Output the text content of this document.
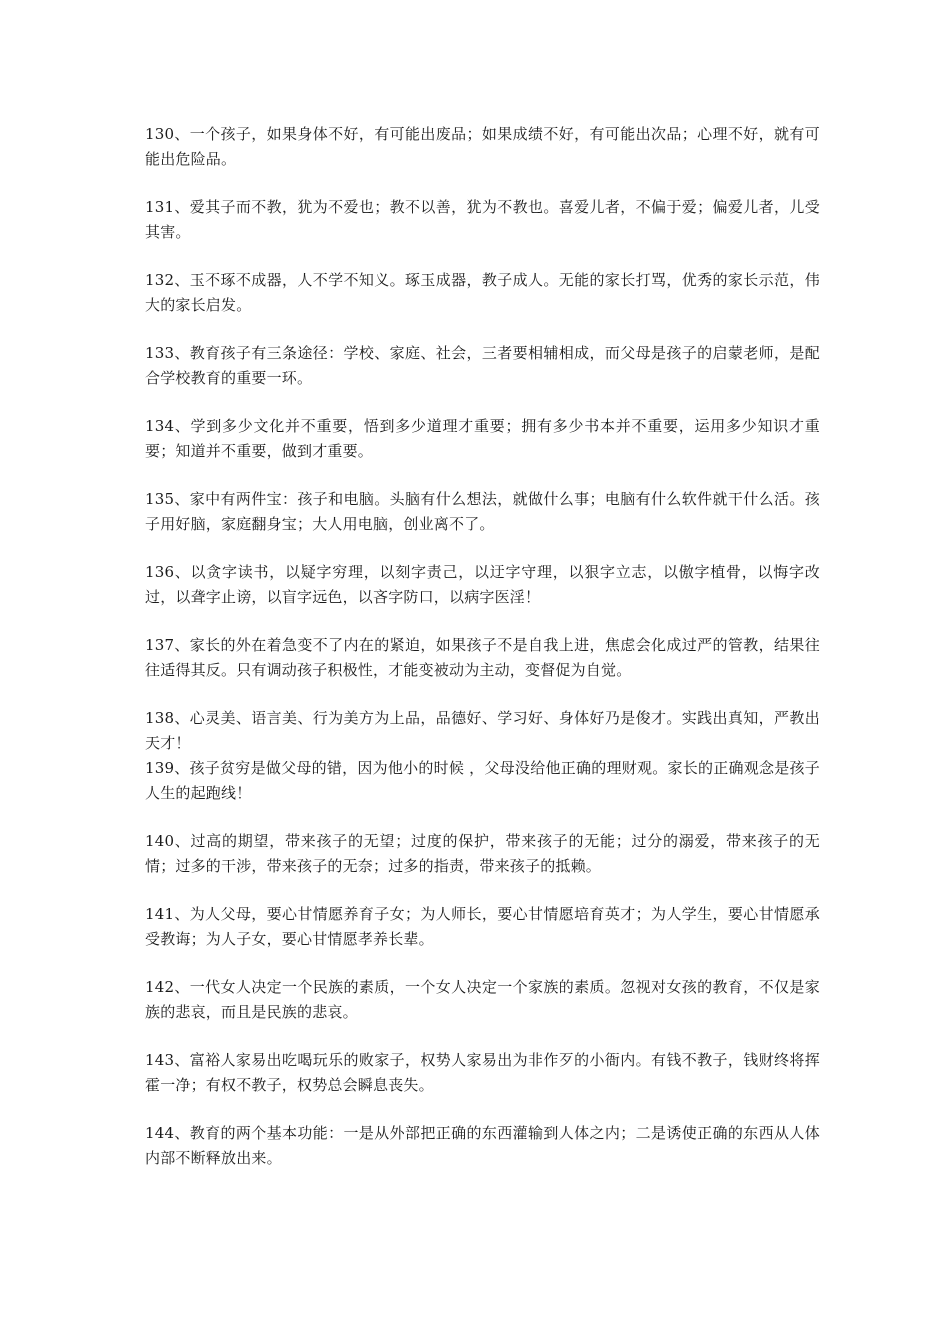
130、一个孩子，如果身体不好，有可能出废品；如果成绩不好，有可能出次品；心理不好，就有可能出危险品。

131、爱其子而不教，犹为不爱也；教不以善，犹为不教也。喜爱儿者，不偏于爱；偏爱儿者，儿受其害。

132、玉不琢不成器，人不学不知义。琢玉成器，教子成人。无能的家长打骂，优秀的家长示范，伟大的家长启发。

133、教育孩子有三条途径：学校、家庭、社会，三者要相辅相成，而父母是孩子的启蒙老师，是配合学校教育的重要一环。

134、学到多少文化并不重要，悟到多少道理才重要；拥有多少书本并不重要，运用多少知识才重要；知道并不重要，做到才重要。

135、家中有两件宝：孩子和电脑。头脑有什么想法，就做什么事；电脑有什么软件就干什么活。孩子用好脑，家庭翻身宝；大人用电脑，创业离不了。

136、以贪字读书，以疑字穷理，以刻字责己，以迂字守理，以狠字立志，以傲字植骨，以悔字改过，以聋字止谤，以盲字远色，以吝字防口，以病字医淫！

137、家长的外在着急变不了内在的紧迫，如果孩子不是自我上进，焦虑会化成过严的管教，结果往往适得其反。只有调动孩子积极性，才能变被动为主动，变督促为自觉。

138、心灵美、语言美、行为美方为上品，品德好、学习好、身体好乃是俊才。实践出真知，严教出天才！

139、孩子贫穷是做父母的错，因为他小的时候 ，父母没给他正确的理财观。家长的正确观念是孩子人生的起跑线！

140、过高的期望，带来孩子的无望；过度的保护，带来孩子的无能；过分的溺爱，带来孩子的无情；过多的干涉，带来孩子的无奈；过多的指责，带来孩子的抵赖。

141、为人父母，要心甘情愿养育子女；为人师长，要心甘情愿培育英才；为人学生，要心甘情愿承受教诲；为人子女，要心甘情愿孝养长辈。

142、一代女人决定一个民族的素质，一个女人决定一个家族的素质。忽视对女孩的教育，不仅是家族的悲哀，而且是民族的悲哀。

143、富裕人家易出吃喝玩乐的败家子，权势人家易出为非作歹的小衙内。有钱不教子，钱财终将挥霍一净；有权不教子，权势总会瞬息丧失。

144、教育的两个基本功能：一是从外部把正确的东西灌输到人体之内；二是诱使正确的东西从人体内部不断释放出来。
